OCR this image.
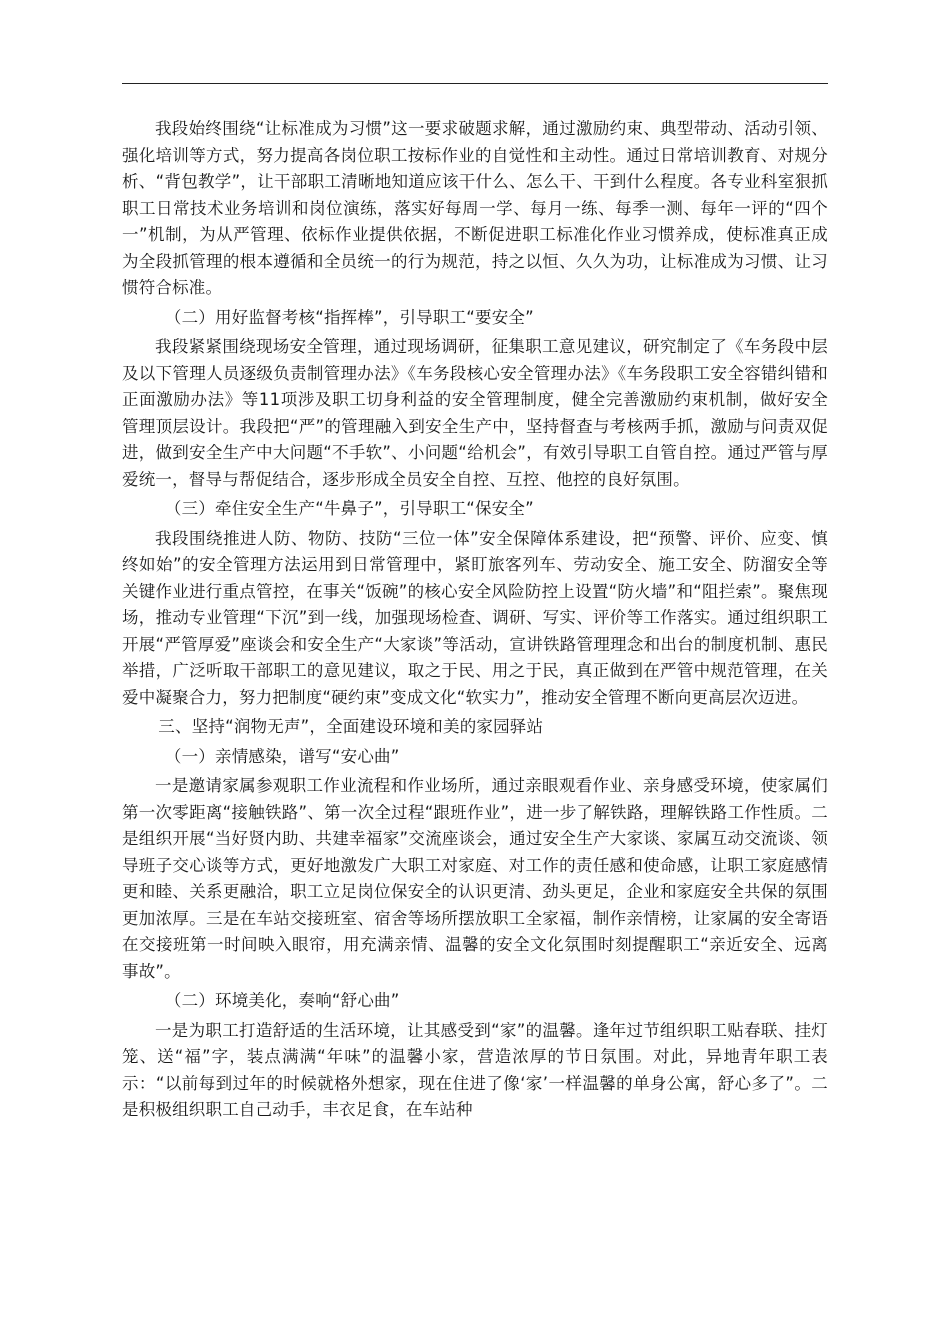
我段始终围绕“让标准成为习惯”这一要求破题求解，通过激励约束、典型带动、活动引领、强化培训等方式，努力提高各岗位职工按标作业的自觉性和主动性。通过日常培训教育、对规分析、“背包教学”，让干部职工清晰地知道应该干什么、怎么干、干到什么程度。各专业科室狠抓职工日常技术业务培训和岗位演练，落实好每周一学、每月一练、每季一测、每年一评的“四个一”机制，为从严管理、依标作业提供依据，不断促进职工标准化作业习惯养成，使标准真正成为全段抓管理的根本遵循和全员统一的行为规范，持之以恒、久久为功，让标准成为习惯、让习惯符合标准。

（二）用好监督考核“指挥棒”，引导职工“要安全”

我段紧紧围绕现场安全管理，通过现场调研，征集职工意见建议，研究制定了《车务段中层及以下管理人员逐级负责制管理办法》《车务段核心安全管理办法》《车务段职工安全容错纠错和正面激励办法》等11项涉及职工切身利益的安全管理制度，健全完善激励约束机制，做好安全管理顶层设计。我段把“严”的管理融入到安全生产中，坚持督查与考核两手抓，激励与问责双促进，做到安全生产中大问题“不手软”、小问题“给机会”，有效引导职工自管自控。通过严管与厚爱统一，督导与帮促结合，逐步形成全员安全自控、互控、他控的良好氛围。

（三）牵住安全生产“牛鼻子”，引导职工“保安全”

我段围绕推进人防、物防、技防“三位一体”安全保障体系建设，把“预警、评价、应变、慎终如始”的安全管理方法运用到日常管理中，紧盯旅客列车、劳动安全、施工安全、防溜安全等关键作业进行重点管控，在事关“饭碗”的核心安全风险防控上设置“防火墙”和“阻拦索”。聚焦现场，推动专业管理“下沉”到一线，加强现场检查、调研、写实、评价等工作落实。通过组织职工开展“严管厚爱”座谈会和安全生产“大家谈”等活动，宣讲铁路管理理念和出台的制度机制、惠民举措，广泛听取干部职工的意见建议，取之于民、用之于民，真正做到在严管中规范管理，在关爱中凝聚合力，努力把制度“硬约束”变成文化“软实力”，推动安全管理不断向更高层次迈进。

三、坚持“润物无声”，全面建设环境和美的家园驿站

（一）亲情感染，谱写“安心曲”

一是邀请家属参观职工作业流程和作业场所，通过亲眼观看作业、亲身感受环境，使家属们第一次零距离“接触铁路”、第一次全过程“跟班作业”，进一步了解铁路，理解铁路工作性质。二是组织开展“当好贤内助、共建幸福家”交流座谈会，通过安全生产大家谈、家属互动交流谈、领导班子交心谈等方式，更好地激发广大职工对家庭、对工作的责任感和使命感，让职工家庭感情更和睦、关系更融洽，职工立足岗位保安全的认识更清、劲头更足，企业和家庭安全共保的氛围更加浓厚。三是在车站交接班室、宿舍等场所摆放职工全家福，制作亲情榜，让家属的安全寄语在交接班第一时间映入眼帘，用充满亲情、温馨的安全文化氛围时刻提醒职工“亲近安全、远离事故”。

（二）环境美化，奏响“舒心曲”

一是为职工打造舒适的生活环境，让其感受到“家”的温馨。逢年过节组织职工贴春联、挂灯笼、送“福”字，装点满满“年味”的温馨小家，营造浓厚的节日氛围。对此，异地青年职工表示：“以前每到过年的时候就格外想家，现在住进了像‘家’一样温馨的单身公寓，舒心多了”。二是积极组织职工自己动手，丰衣足食，在车站种
